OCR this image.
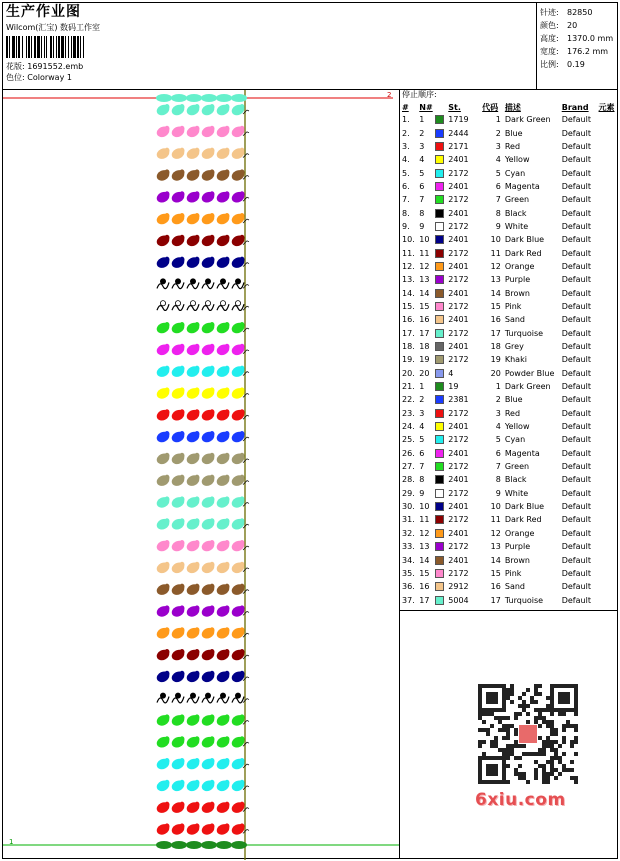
生产作业图
Wilcom(汇宝) 数码工作室
花版: 1691552.emb
色位: Colorway 1
针迹:	82850
颜色:	20
高度:	1370.0 mm
宽度:	176.2 mm
比例:	0.19
2
1
停止顺序:
#	N#		St.	代码	描述	Brand	元素
1.	1		1719	1	Dark Green	Default	
2.	2		2444	2	Blue	Default	
3.	3		2171	3	Red	Default	
4.	4		2401	4	Yellow	Default	
5.	5		2172	5	Cyan	Default	
6.	6		2401	6	Magenta	Default	
7.	7		2172	7	Green	Default	
8.	8		2401	8	Black	Default	
9.	9		2172	9	White	Default	
10.	10		2401	10	Dark Blue	Default	
11.	11		2172	11	Dark Red	Default	
12.	12		2401	12	Orange	Default	
13.	13		2172	13	Purple	Default	
14.	14		2401	14	Brown	Default	
15.	15		2172	15	Pink	Default	
16.	16		2401	16	Sand	Default	
17.	17		2172	17	Turquoise	Default	
18.	18		2401	18	Grey	Default	
19.	19		2172	19	Khaki	Default	
20.	20		4	20	Powder Blue	Default	
21.	1		19	1	Dark Green	Default	
22.	2		2381	2	Blue	Default	
23.	3		2172	3	Red	Default	
24.	4		2401	4	Yellow	Default	
25.	5		2172	5	Cyan	Default	
26.	6		2401	6	Magenta	Default	
27.	7		2172	7	Green	Default	
28.	8		2401	8	Black	Default	
29.	9		2172	9	White	Default	
30.	10		2401	10	Dark Blue	Default	
31.	11		2172	11	Dark Red	Default	
32.	12		2401	12	Orange	Default	
33.	13		2172	13	Purple	Default	
34.	14		2401	14	Brown	Default	
35.	15		2172	15	Pink	Default	
36.	16		2912	16	Sand	Default	
37.	17		5004	17	Turquoise	Default	
6xiu.com
